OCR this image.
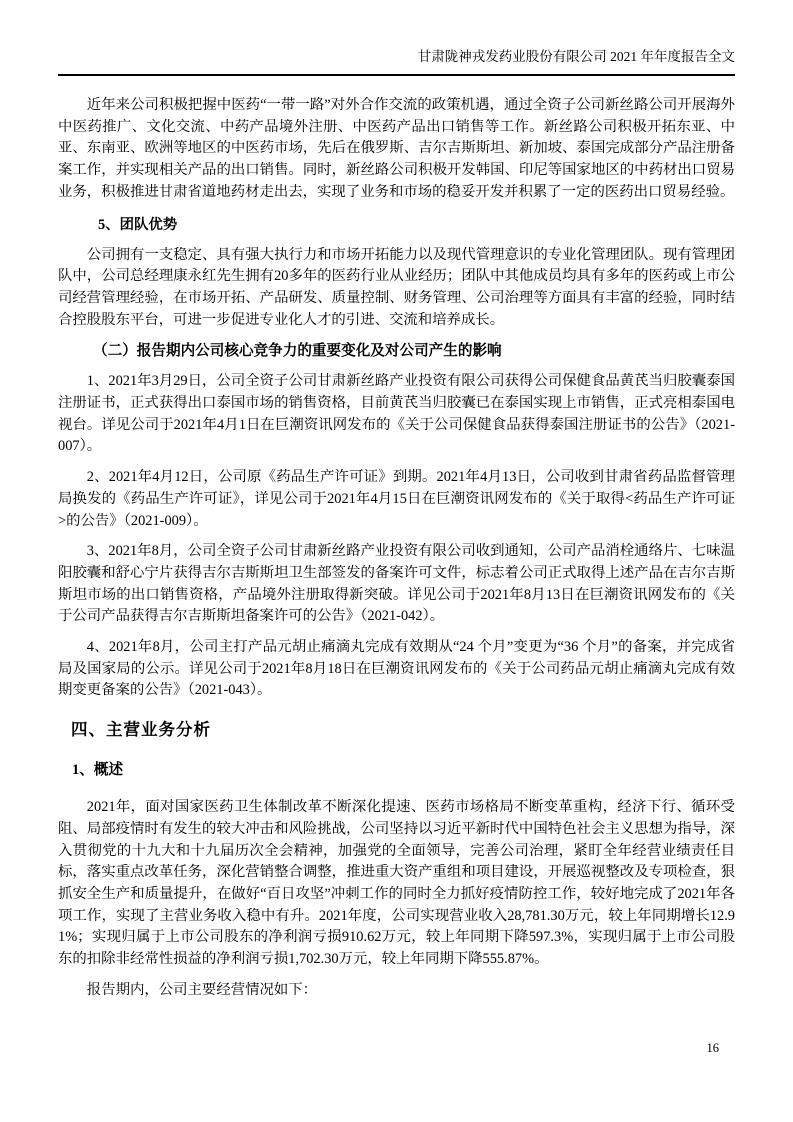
甘肃陇神戎发药业股份有限公司 2021 年年度报告全文

近年来公司积极把握中医药“一带一路”对外合作交流的政策机遇，通过全资子公司新丝路公司开展海外中医药推广、文化交流、中药产品境外注册、中医药产品出口销售等工作。新丝路公司积极开拓东亚、中亚、东南亚、欧洲等地区的中医药市场，先后在俄罗斯、吉尔吉斯斯坦、新加坡、泰国完成部分产品注册备案工作，并实现相关产品的出口销售。同时，新丝路公司积极开发韩国、印尼等国家地区的中药材出口贸易业务，积极推进甘肃省道地药材走出去，实现了业务和市场的稳妥开发并积累了一定的医药出口贸易经验。

5、团队优势

公司拥有一支稳定、具有强大执行力和市场开拓能力以及现代管理意识的专业化管理团队。现有管理团队中，公司总经理康永红先生拥有20多年的医药行业从业经历；团队中其他成员均具有多年的医药或上市公司经营管理经验，在市场开拓、产品研发、质量控制、财务管理、公司治理等方面具有丰富的经验，同时结合控股股东平台，可进一步促进专业化人才的引进、交流和培养成长。

（二）报告期内公司核心竞争力的重要变化及对公司产生的影响

1、2021年3月29日，公司全资子公司甘肃新丝路产业投资有限公司获得公司保健食品黄芪当归胶囊泰国注册证书，正式获得出口泰国市场的销售资格，目前黄芪当归胶囊已在泰国实现上市销售，正式亮相泰国电视台。详见公司于2021年4月1日在巨潮资讯网发布的《关于公司保健食品获得泰国注册证书的公告》（2021-007）。

2、2021年4月12日，公司原《药品生产许可证》到期。2021年4月13日，公司收到甘肃省药品监督管理局换发的《药品生产许可证》，详见公司于2021年4月15日在巨潮资讯网发布的《关于取得<药品生产许可证>的公告》（2021-009）。

3、2021年8月，公司全资子公司甘肃新丝路产业投资有限公司收到通知，公司产品消栓通络片、七味温阳胶囊和舒心宁片获得吉尔吉斯斯坦卫生部签发的备案许可文件，标志着公司正式取得上述产品在吉尔吉斯斯坦市场的出口销售资格，产品境外注册取得新突破。详见公司于2021年8月13日在巨潮资讯网发布的《关于公司产品获得吉尔吉斯斯坦备案许可的公告》（2021-042）。

4、2021年8月，公司主打产品元胡止痛滴丸完成有效期从“24 个月”变更为“36 个月”的备案，并完成省局及国家局的公示。详见公司于2021年8月18日在巨潮资讯网发布的《关于公司药品元胡止痛滴丸完成有效期变更备案的公告》（2021-043）。

四、主营业务分析
1、概述

2021年，面对国家医药卫生体制改革不断深化提速、医药市场格局不断变革重构，经济下行、循环受阻、局部疫情时有发生的较大冲击和风险挑战，公司坚持以习近平新时代中国特色社会主义思想为指导，深入贯彻党的十九大和十九届历次全会精神，加强党的全面领导，完善公司治理，紧盯全年经营业绩责任目标，落实重点改革任务，深化营销整合调整，推进重大资产重组和项目建设，开展巡视整改及专项检查，狠抓安全生产和质量提升，在做好“百日攻坚”冲刺工作的同时全力抓好疫情防控工作，较好地完成了2021年各项工作，实现了主营业务收入稳中有升。2021年度，公司实现营业收入28,781.30万元，较上年同期增长12.91%；实现归属于上市公司股东的净利润亏损910.62万元，较上年同期下降597.3%，实现归属于上市公司股东的扣除非经常性损益的净利润亏损1,702.30万元，较上年同期下降555.87%。

报告期内，公司主要经营情况如下：

16
